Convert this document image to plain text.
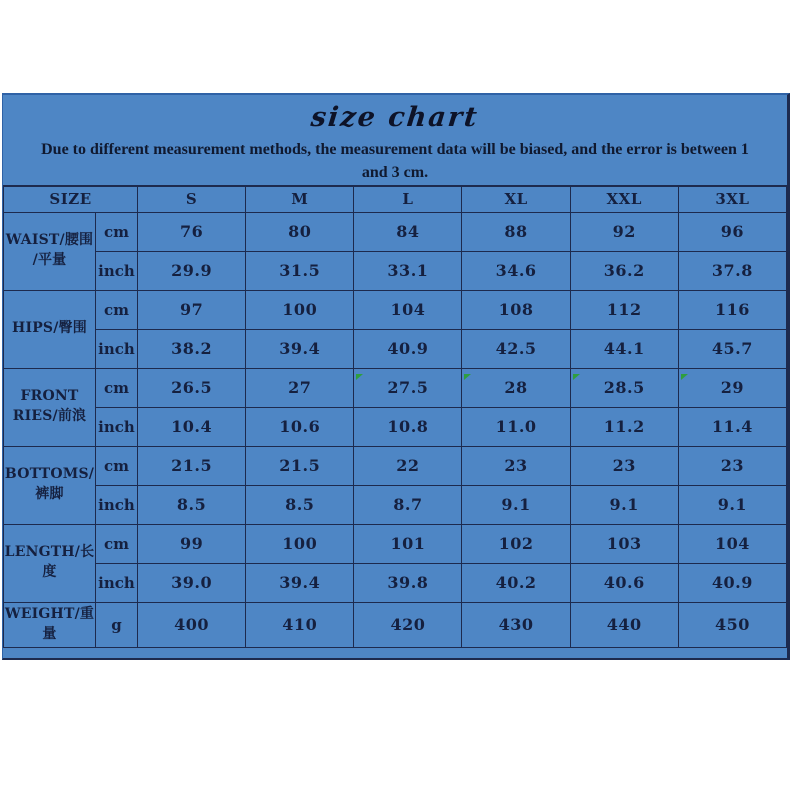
size chart
Due to different measurement methods, the measurement data will be biased, and the error is between 1
and 3 cm.
SIZE		S	M	L	XL	XXL	3XL

WAIST/腰围
/平量	cm	76	80	84	88	92	96
	inch	29.9	31.5	33.1	34.6	36.2	37.8

HIPS/臀围	cm	97	100	104	108	112	116
	inch	38.2	39.4	40.9	42.5	44.1	45.7

FRONT
RIES/前浪	cm	26.5	27	27.5	28	28.5	29
	inch	10.4	10.6	10.8	11.0	11.2	11.4

BOTTOMS/
裤脚	cm	21.5	21.5	22	23	23	23
	inch	8.5	8.5	8.7	9.1	9.1	9.1

LENGTH/长
度	cm	99	100	101	102	103	104
	inch	39.0	39.4	39.8	40.2	40.6	40.9

WEIGHT/重
量	g	400	410	420	430	440	450
